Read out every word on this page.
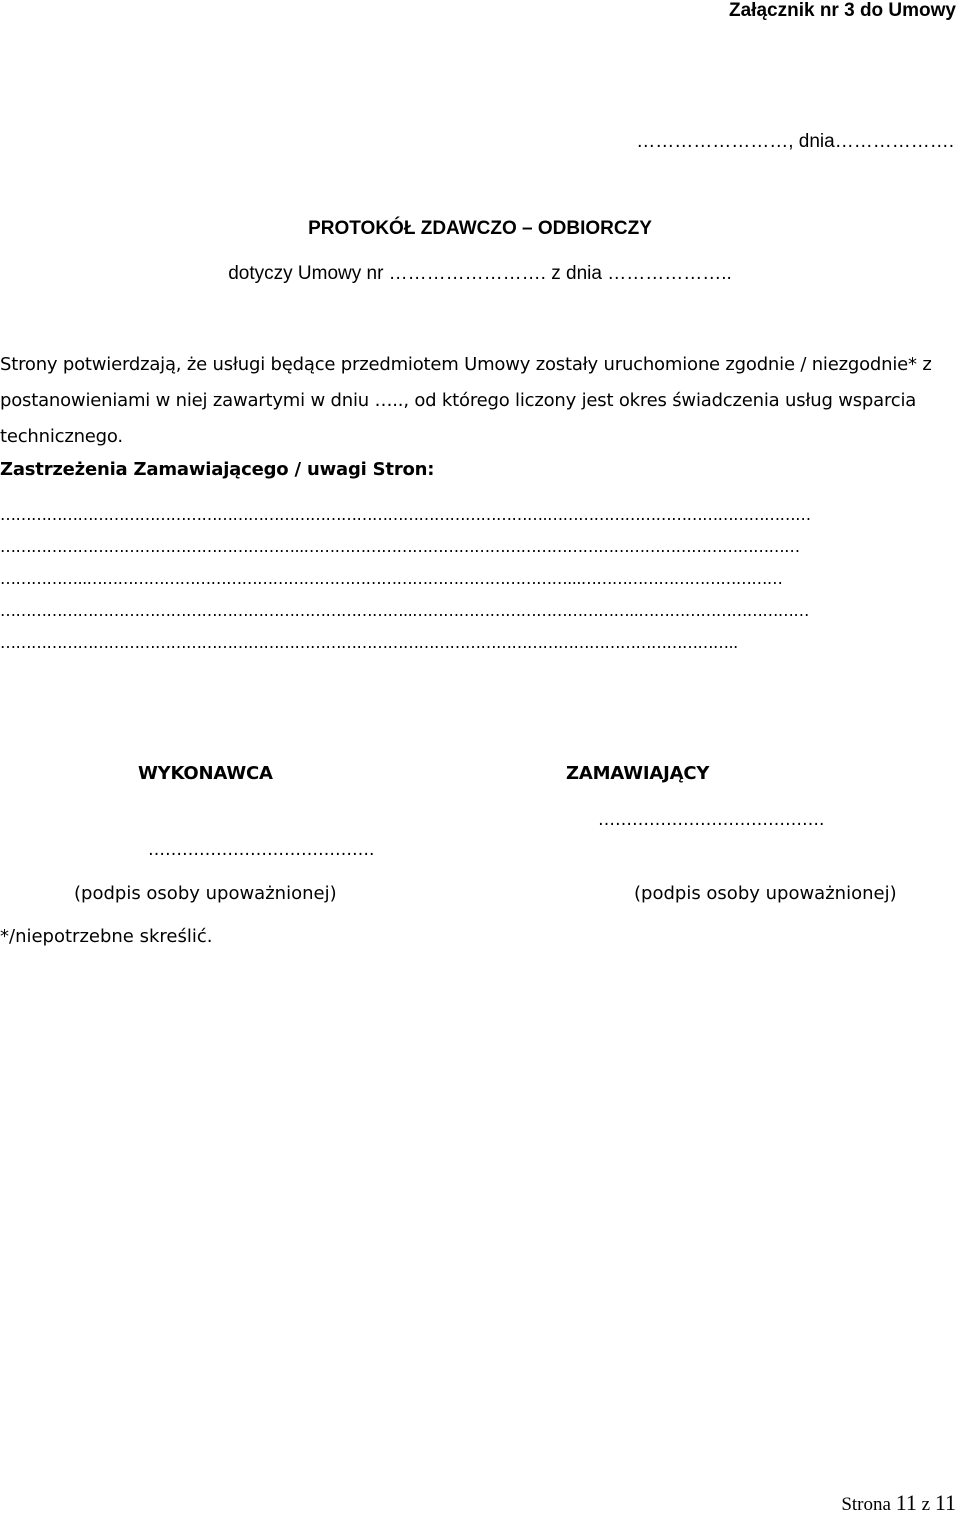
Załącznik nr 3 do Umowy
……………………, dnia……………….
PROTOKÓŁ ZDAWCZO – ODBIORCZY
dotyczy Umowy nr ……………………. z dnia ………………..
Strony potwierdzają, że usługi będące przedmiotem Umowy zostały uruchomione zgodnie / niezgodnie* z postanowieniami w niej zawartymi w dniu ….., od którego liczony jest okres świadczenia usług wsparcia technicznego.
Zastrzeżenia Zamawiającego / uwagi Stron:
…………………………………………………………………………………………….……………………………………………
…………………………………………………..……………………………………………………………………………………
……………..…………………………………………………………………………………...…………………………………
……………………………………………………………………..……………………………………..……………………………
……………………………………………………………………………………………………………………………..
WYKONAWCA	ZAMAWIAJĄCY
………………………………….
………………………………….
(podpis osoby upoważnionej)	(podpis osoby upoważnionej)
*/niepotrzebne skreślić.
Strona 11 z 11
